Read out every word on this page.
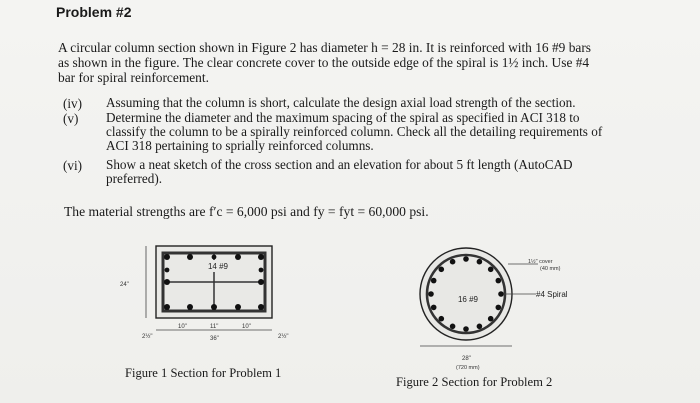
Problem #2
A circular column section shown in Figure 2 has diameter h = 28 in. It is reinforced with 16 #9 bars
as shown in the figure. The clear concrete cover to the outside edge of the spiral is 1½ inch. Use #4
bar for spiral reinforcement.
(iv) Assuming that the column is short, calculate the design axial load strength of the section.
(v) Determine the diameter and the maximum spacing of the spiral as specified in ACI 318 to
classify the column to be a spirally reinforced column. Check all the detailing requirements of
ACI 318 pertaining to sprially reinforced columns.
(vi) Show a neat sketch of the cross section and an elevation for about 5 ft length (AutoCAD
preferred).
The material strengths are f′c = 6,000 psi and fy = fyt = 60,000 psi.
14 #9
24"
10"	11"	10"
36"
2½"	2½"
Figure 1 Section for Problem 1
16 #9
1½" cover
(40 mm)
#4 Spiral
28"
(720 mm)
Figure 2 Section for Problem 2
